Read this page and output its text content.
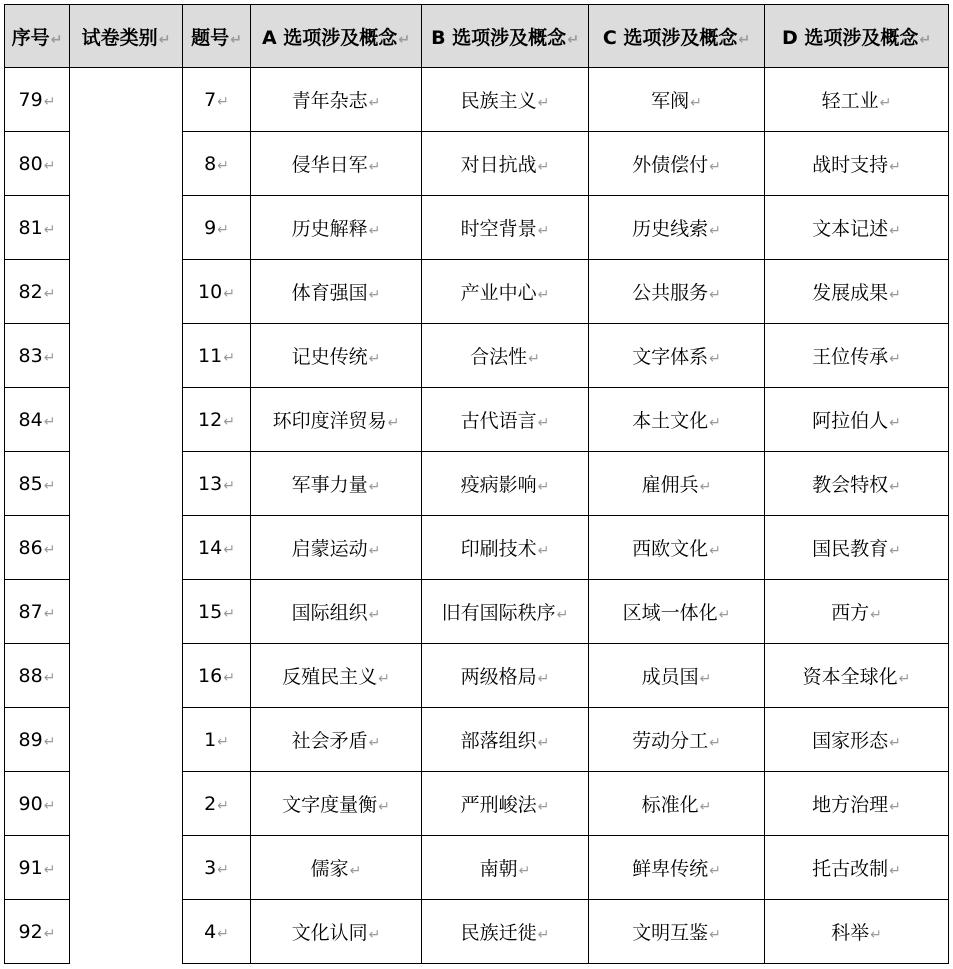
序号↵	试卷类别↵	题号↵	A 选项涉及概念↵	B 选项涉及概念↵	C 选项涉及概念↵	D 选项涉及概念↵
79↵		7↵	青年杂志↵	民族主义↵	军阀↵	轻工业↵
80↵		8↵	侵华日军↵	对日抗战↵	外债偿付↵	战时支持↵
81↵		9↵	历史解释↵	时空背景↵	历史线索↵	文本记述↵
82↵		10↵	体育强国↵	产业中心↵	公共服务↵	发展成果↵
83↵		11↵	记史传统↵	合法性↵	文字体系↵	王位传承↵
84↵		12↵	环印度洋贸易↵	古代语言↵	本土文化↵	阿拉伯人↵
85↵		13↵	军事力量↵	疫病影响↵	雇佣兵↵	教会特权↵
86↵		14↵	启蒙运动↵	印刷技术↵	西欧文化↵	国民教育↵
87↵		15↵	国际组织↵	旧有国际秩序↵	区域一体化↵	西方↵
88↵		16↵	反殖民主义↵	两级格局↵	成员国↵	资本全球化↵
89↵		1↵	社会矛盾↵	部落组织↵	劳动分工↵	国家形态↵
90↵		2↵	文字度量衡↵	严刑峻法↵	标准化↵	地方治理↵
91↵		3↵	儒家↵	南朝↵	鲜卑传统↵	托古改制↵
92↵		4↵	文化认同↵	民族迁徙↵	文明互鉴↵	科举↵
